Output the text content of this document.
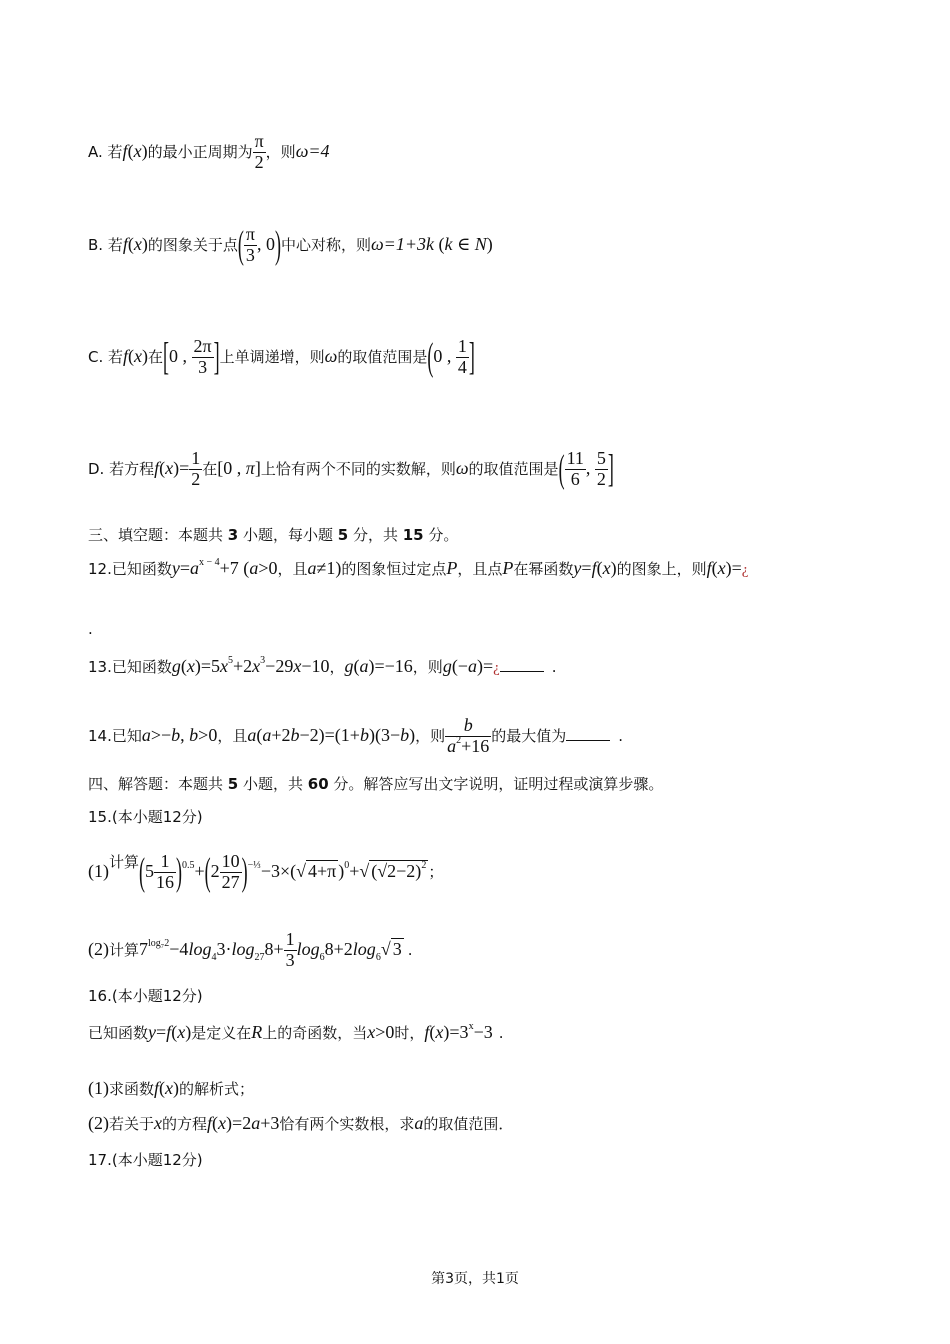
A. 若f(x)的最小正周期为 $\frac{\pi}{2}$ ，则ω=4
B. 若f(x)的图象关于点( $\frac{\pi}{3}$ , 0)中心对称，则ω=1+3k (k ∈ N)
C. 若f(x)在[0 , $\frac{2\pi}{3}$ ]上单调递增，则ω的取值范围是(0 , $\frac{1}{4}$ ]
D. 若方程$f(x)= \frac{1}{2}$ 在[0 , π]上恰有两个不同的实数解，则ω的取值范围是( $\frac{11}{6}$ , $\frac{5}{2}$ ]
三、填空题：本题共 3 小题，每小题 5 分，共 15 分。
12.已知函数$y=a^{x - 4}+7$ (a>0，且a≠1)的图象恒过定点P，且点P在幂函数y=f(x)的图象上，则f(x)=¿
.
13.已知函数$g(x)=5x^5+2x^3-29x-10$，g(a)=−16，则g(−a)=¿	.
14.已知a>−b, b>0，且a(a+2b−2)=(1+b)(3−b)，则 $\frac{b}{a^2+16}$ 的最大值为	.
四、解答题：本题共 5 小题，共 60 分。解答应写出文字说明，证明过程或演算步骤。
15.(本小题12分)
(1)计算$(5 \frac{1}{16} )^{0.5}+(2 \frac{10}{27} )^{-\frac{1}{3}}-3\times(√$ 4+π )$^0$+√ $(√2-2)^2$ ；
(2)计算$7^{log_72}-4\log_43\cdot\log_{27}8+ \frac{1}{3} \log_68+2\log_6√$ 3 .
16.(本小题12分)
已知函数y=f(x)是定义在R上的奇函数，当x>0时，$f(x)=3^x-3$ .
(1)求函数f(x)的解析式；
(2)若关于x的方程f(x)=2a+3恰有两个实数根，求a的取值范围．
17.(本小题12分)
第3页，共1页
